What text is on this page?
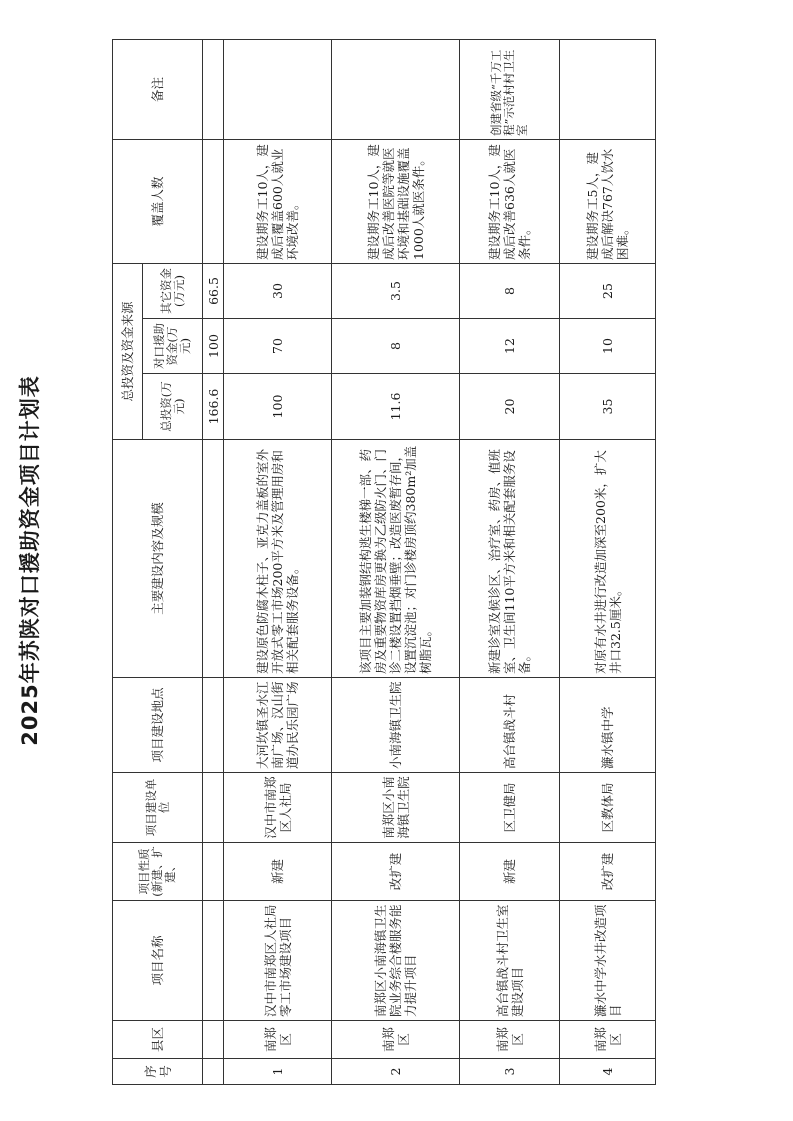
2025年苏陕对口援助资金项目计划表
序号	县区	项目名称	项目性质(新建、扩建、	项目建设单位	项目建设地点	主要建设内容及规模	总投资及资金来源			覆盖人数	备注
							总投资(万元)	对口援助资金(万元)	其它资金(万元)		
							166.6	100	66.5		
1	南郑区	汉中市南郑区人社局零工市场建设项目	新建	汉中市南郑区人社局	大河坎镇圣水江南广场、汉山街道办民乐园广场	建设原色防腐木柱子、亚克力盖板的室外开放式零工市场200平方米及管理用房和相关配套服务设备。	100	70	30	建设期务工10人，建成后覆盖600人就业环境改善。	
2	南郑区	南郑区小南海镇卫生院业务综合楼服务能力提升项目	改扩建	南郑区小南海镇卫生院	小南海镇卫生院	该项目主要加装钢结构逃生楼梯一部、药房及重要物资库房更换为乙级防火门、门诊二楼设置挡烟垂壁；改造医废暂存间，设置沉淀池；对门诊楼房顶约380m²加盖树脂瓦。	11.6	8	3.5	建设期务工10人，建成后改善医院等就医环境和基础设施覆盖1000人就医条件。	
3	南郑区	高台镇战斗村卫生室建设项目	新建	区卫健局	高台镇战斗村	新建诊室及候诊区、治疗室、药房、值班室、卫生间110平方米和相关配套服务设备。	20	12	8	建设期务工10人，建成后改善636人就医条件。	创建省级“千万工程”示范村村卫生室
4	南郑区	濂水中学水井改造项目	改扩建	区教体局	濂水镇中学	对原有水井进行改造加深至200米，扩大井口32.5厘米。	35	10	25	建设期务工5人，建成后解决767人饮水困难。	
